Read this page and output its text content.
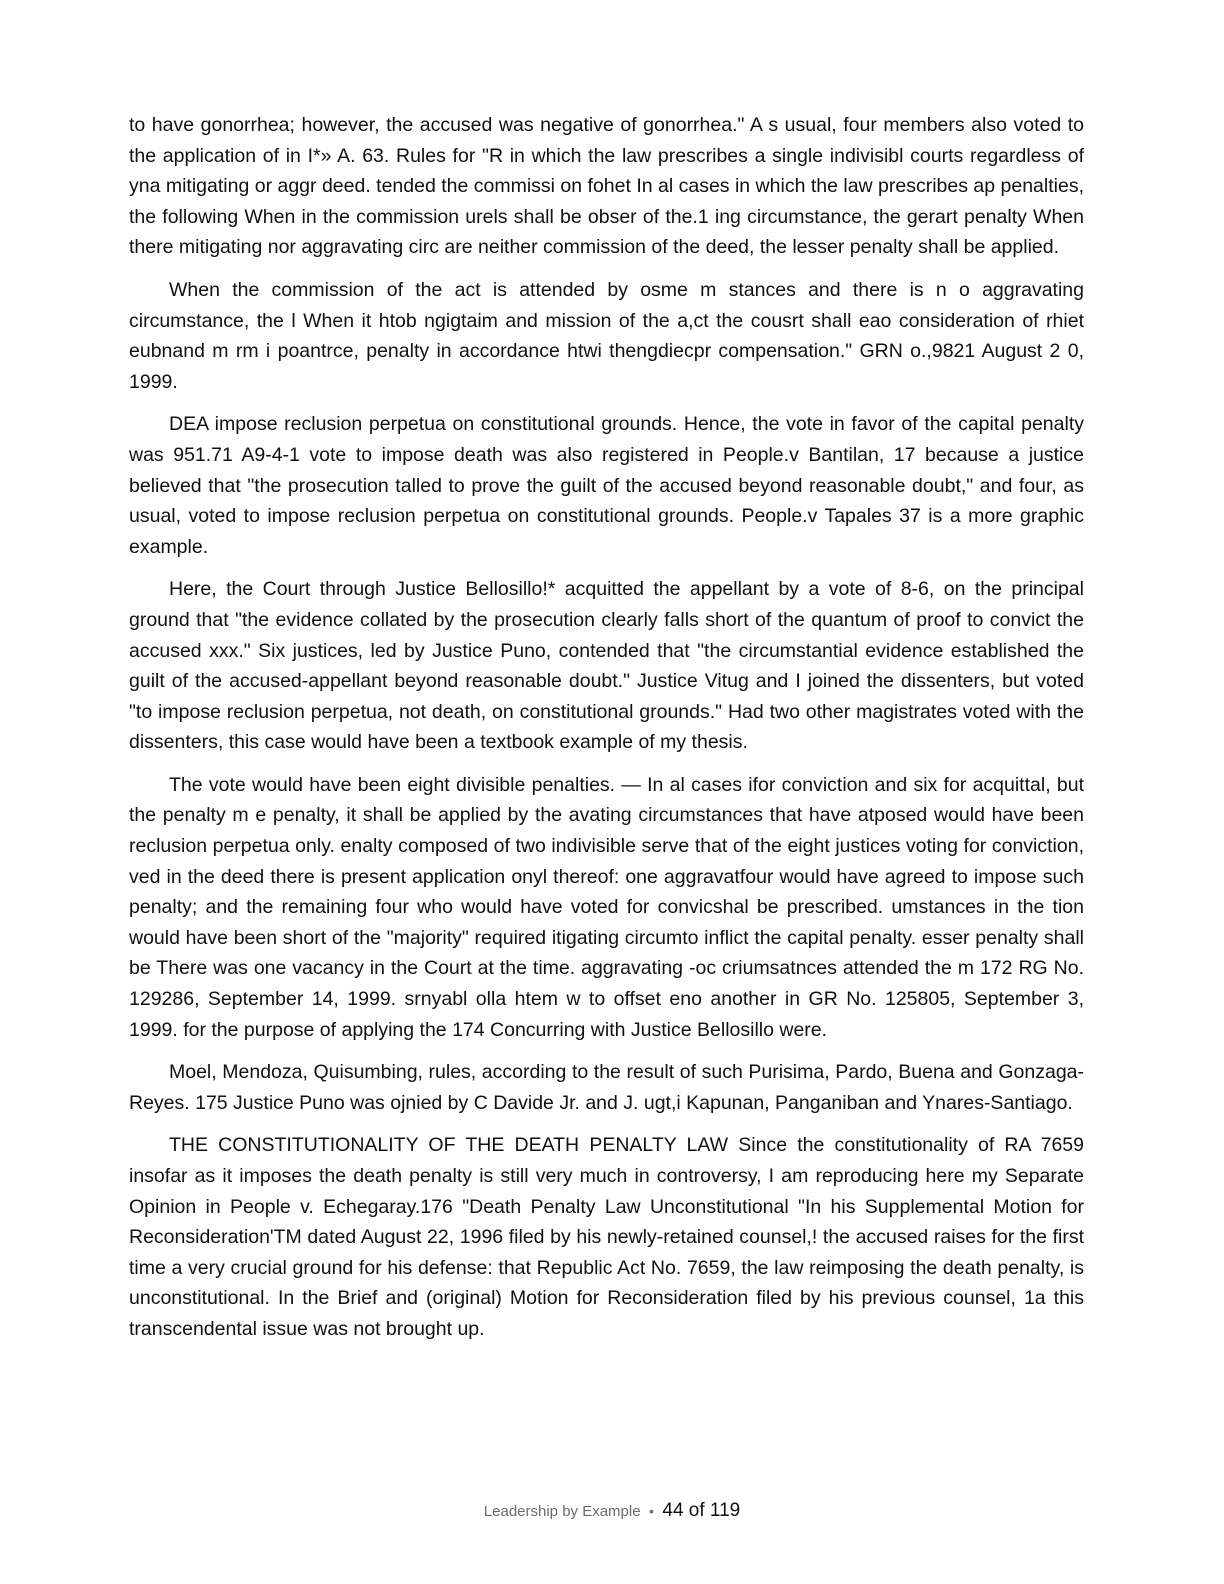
to have gonorrhea; however, the accused was negative of gonorrhea." A s usual, four members also voted to the application of in I*» A. 63. Rules for "R in which the law prescribes a single indivisibl courts regardless of yna mitigating or aggr deed. tended the commissi on fohet In al cases in which the law prescribes ap penalties, the following When in the commission urels shall be obser of the.1 ing circumstance, the gerart penalty When there mitigating nor aggravating circ are neither commission of the deed, the lesser penalty shall be applied.

When the commission of the act is attended by osme m stances and there is n o aggravating circumstance, the l When it htob ngigtaim and mission of the a,ct the cousrt shall eao consideration of rhiet eubnand m rm i poantrce, penalty in accordance htwi thengdiecpr compensation." GRN o.,9821 August 2 0, 1999.

DEA impose reclusion perpetua on constitutional grounds. Hence, the vote in favor of the capital penalty was 951.71 A9-4-1 vote to impose death was also registered in People.v Bantilan, 17 because a justice believed that "the prosecution talled to prove the guilt of the accused beyond reasonable doubt," and four, as usual, voted to impose reclusion perpetua on constitutional grounds. People.v Tapales 37 is a more graphic example.

Here, the Court through Justice Bellosillo!* acquitted the appellant by a vote of 8-6, on the principal ground that "the evidence collated by the prosecution clearly falls short of the quantum of proof to convict the accused xxx." Six justices, led by Justice Puno, contended that "the circumstantial evidence established the guilt of the accused-appellant beyond reasonable doubt." Justice Vitug and I joined the dissenters, but voted "to impose reclusion perpetua, not death, on constitutional grounds." Had two other magistrates voted with the dissenters, this case would have been a textbook example of my thesis.

The vote would have been eight divisible penalties. — In al cases ifor conviction and six for acquittal, but the penalty m e penalty, it shall be applied by the avating circumstances that have atposed would have been reclusion perpetua only. enalty composed of two indivisible serve that of the eight justices voting for conviction, ved in the deed there is present application onyl thereof: one aggravatfour would have agreed to impose such penalty; and the remaining four who would have voted for convicshal be prescribed. umstances in the tion would have been short of the "majority" required itigating circumto inflict the capital penalty. esser penalty shall be There was one vacancy in the Court at the time. aggravating -oc criumsatnces attended the m 172 RG No. 129286, September 14, 1999. srnyabl olla htem w to offset eno another in GR No. 125805, September 3, 1999. for the purpose of applying the 174 Concurring with Justice Bellosillo were.

Moel, Mendoza, Quisumbing, rules, according to the result of such Purisima, Pardo, Buena and Gonzaga-Reyes. 175 Justice Puno was ojnied by C Davide Jr. and J. ugt,i Kapunan, Panganiban and Ynares-Santiago.

THE CONSTITUTIONALITY OF THE DEATH PENALTY LAW Since the constitutionality of RA 7659 insofar as it imposes the death penalty is still very much in controversy, I am reproducing here my Separate Opinion in People v. Echegaray.176 "Death Penalty Law Unconstitutional "In his Supplemental Motion for Reconsideration'TM dated August 22, 1996 filed by his newly-retained counsel,! the accused raises for the first time a very crucial ground for his defense: that Republic Act No. 7659, the law reimposing the death penalty, is unconstitutional. In the Brief and (original) Motion for Reconsideration filed by his previous counsel, 1a this transcendental issue was not brought up.

Leadership by Example • 44 of 119
